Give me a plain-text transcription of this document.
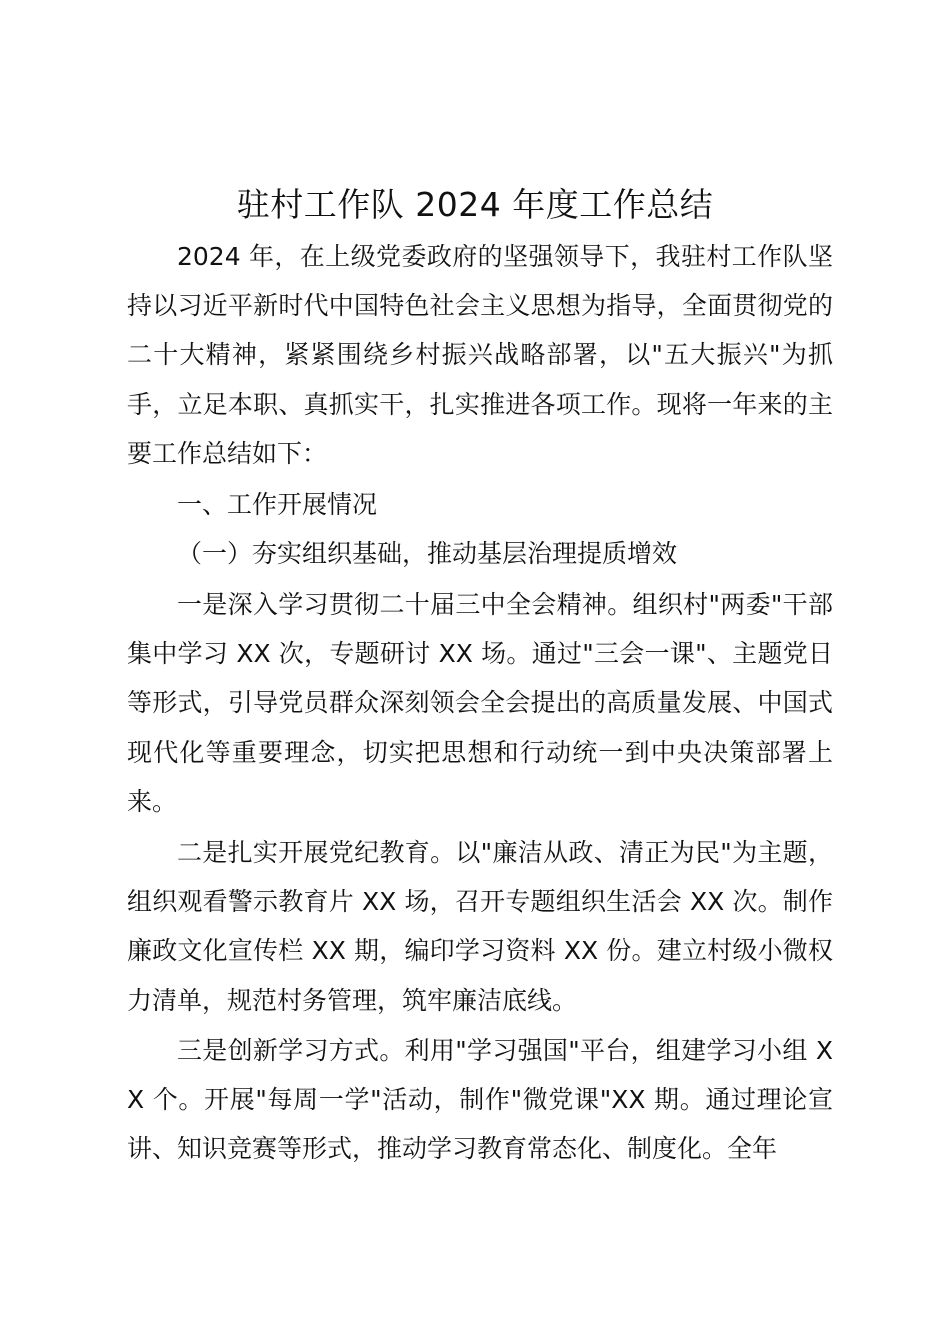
驻村工作队 2024 年度工作总结

2024 年，在上级党委政府的坚强领导下，我驻村工作队坚持以习近平新时代中国特色社会主义思想为指导，全面贯彻党的二十大精神，紧紧围绕乡村振兴战略部署，以"五大振兴"为抓手，立足本职、真抓实干，扎实推进各项工作。现将一年来的主要工作总结如下：

一、工作开展情况

（一）夯实组织基础，推动基层治理提质增效

一是深入学习贯彻二十届三中全会精神。组织村"两委"干部集中学习 XX 次，专题研讨 XX 场。通过"三会一课"、主题党日等形式，引导党员群众深刻领会全会提出的高质量发展、中国式现代化等重要理念，切实把思想和行动统一到中央决策部署上来。

二是扎实开展党纪教育。以"廉洁从政、清正为民"为主题，组织观看警示教育片 XX 场，召开专题组织生活会 XX 次。制作廉政文化宣传栏 XX 期，编印学习资料 XX 份。建立村级小微权力清单，规范村务管理，筑牢廉洁底线。

三是创新学习方式。利用"学习强国"平台，组建学习小组 XX 个。开展"每周一学"活动，制作"微党课"XX 期。通过理论宣讲、知识竞赛等形式，推动学习教育常态化、制度化。全年
